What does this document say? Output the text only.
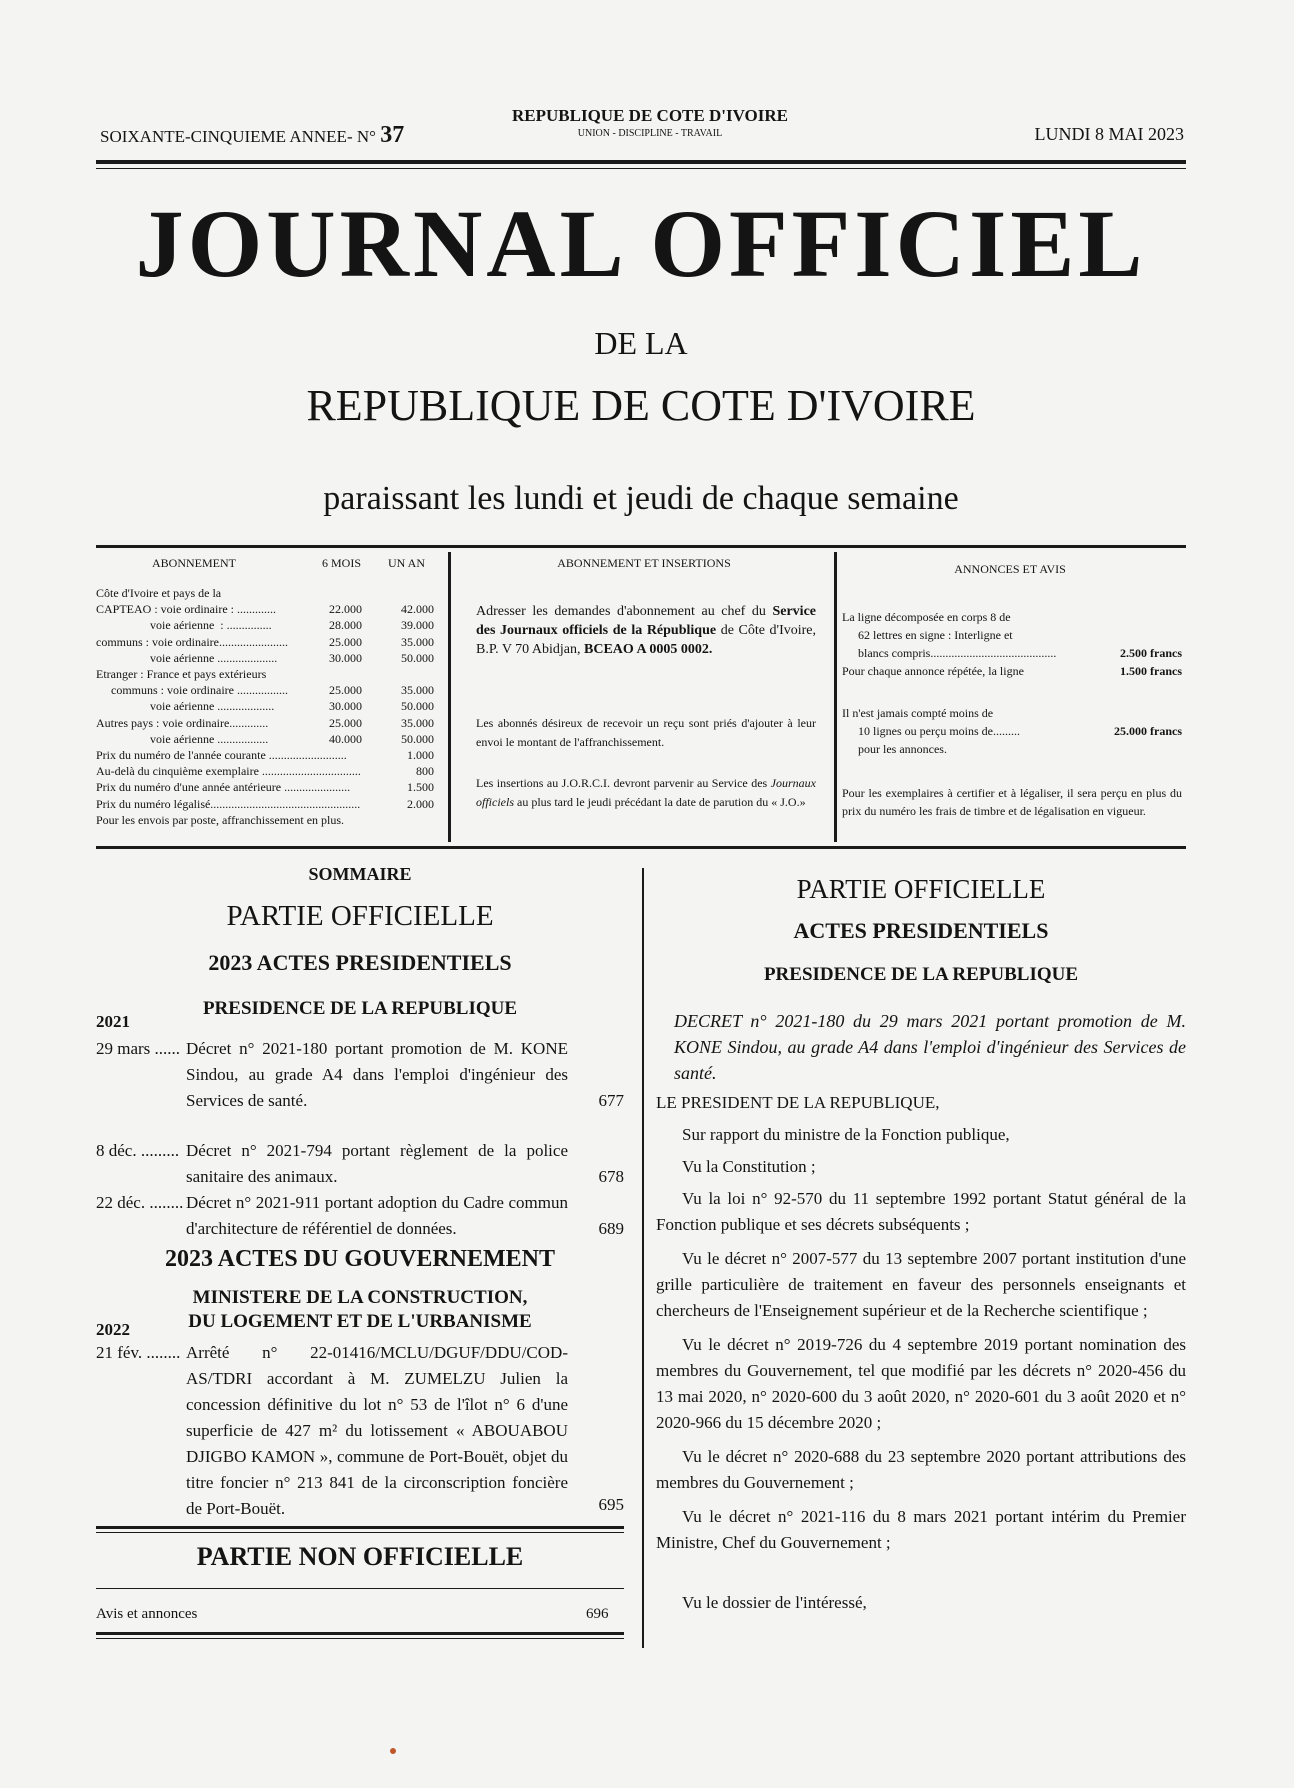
SOIXANTE-CINQUIEME ANNEE- N° 37
REPUBLIQUE DE COTE D'IVOIRE
UNION - DISCIPLINE - TRAVAIL	LUNDI 8 MAI 2023
JOURNAL OFFICIEL
DE LA
REPUBLIQUE DE COTE D'IVOIRE
paraissant les lundi et jeudi de chaque semaine
ABONNEMENT	6 MOIS UN AN
Côte d'Ivoire et pays de la
CAPTEAO : voie ordinaire : .............	22.000	42.000
voie aérienne  : ...............	28.000	39.000
communs : voie ordinaire.......................	25.000	35.000
voie aérienne ....................	30.000	50.000
Etranger : France et pays extérieurs
communs : voie ordinaire .................	25.000	35.000
voie aérienne ...................	30.000	50.000
Autres pays : voie ordinaire.............	25.000	35.000
voie aérienne .................	40.000	50.000
Prix du numéro de l'année courante ..........................	1.000
Au-delà du cinquième exemplaire .................................	800
Prix du numéro d'une année antérieure ......................	1.500
Prix du numéro légalisé..................................................	2.000
Pour les envois par poste, affranchissement en plus.
ABONNEMENT ET INSERTIONS

Adresser les demandes d'abonnement au chef du Service des Journaux officiels de la République de Côte d'Ivoire, B.P. V 70 Abidjan, BCEAO A 0005 0002.

Les abonnés désireux de recevoir un reçu sont priés d'ajouter à leur envoi le montant de l'affranchissement.

Les insertions au J.O.R.C.I. devront parvenir au Service des Journaux officiels au plus tard le jeudi précédant la date de parution du « J.O.»

ANNONCES ET AVIS
La ligne décomposée en corps 8 de
62 lettres en signe : Interligne et
blancs compris..........................................	2.500 francs
Pour chaque annonce répétée, la ligne	1.500 francs
Il n'est jamais compté moins de
10 lignes ou perçu moins de.........	25.000 francs
pour les annonces.

Pour les exemplaires à certifier et à légaliser, il sera perçu en plus du prix du numéro les frais de timbre et de légalisation en vigueur.

SOMMAIRE
PARTIE OFFICIELLE
2023 ACTES PRESIDENTIELS
PRESIDENCE DE LA REPUBLIQUE
2021
29 mars ...... Décret n° 2021-180 portant promotion de M. KONE Sindou, au grade A4 dans l'emploi d'ingénieur des Services de santé.	677
8 déc. ......... Décret n° 2021-794 portant règlement de la police sanitaire des animaux.	678
22 déc. ........ Décret n° 2021-911 portant adoption du Cadre commun d'architecture de référentiel de données.	689
2023 ACTES DU GOUVERNEMENT
MINISTERE DE LA CONSTRUCTION,
DU LOGEMENT ET DE L'URBANISME
2022
21 fév. ........ Arrêté n° 22-01416/MCLU/DGUF/DDU/COD-AS/TDRI accordant à M. ZUMELZU Julien la concession définitive du lot n° 53 de l'îlot n° 6 d'une superficie de 427 m² du lotissement « ABOUABOU DJIGBO KAMON », commune de Port-Bouët, objet du titre foncier n° 213 841 de la circonscription foncière de Port-Bouët.	695
PARTIE NON OFFICIELLE
Avis et annonces	696
PARTIE OFFICIELLE
ACTES PRESIDENTIELS
PRESIDENCE DE LA REPUBLIQUE

DECRET n° 2021-180 du 29 mars 2021 portant promotion de M. KONE Sindou, au grade A4 dans l'emploi d'ingénieur des Services de santé.

LE PRESIDENT DE LA REPUBLIQUE,

Sur rapport du ministre de la Fonction publique,

Vu la Constitution ;

Vu la loi n° 92-570 du 11 septembre 1992 portant Statut général de la Fonction publique et ses décrets subséquents ;

Vu le décret n° 2007-577 du 13 septembre 2007 portant institution d'une grille particulière de traitement en faveur des personnels enseignants et chercheurs de l'Enseignement supérieur et de la Recherche scientifique ;

Vu le décret n° 2019-726 du 4 septembre 2019 portant nomination des membres du Gouvernement, tel que modifié par les décrets n° 2020-456 du 13 mai 2020, n° 2020-600 du 3 août 2020, n° 2020-601 du 3 août 2020 et n° 2020-966 du 15 décembre 2020 ;

Vu le décret n° 2020-688 du 23 septembre 2020 portant attributions des membres du Gouvernement ;

Vu le décret n° 2021-116 du 8 mars 2021 portant intérim du Premier Ministre, Chef du Gouvernement ;

Vu le dossier de l'intéressé,
